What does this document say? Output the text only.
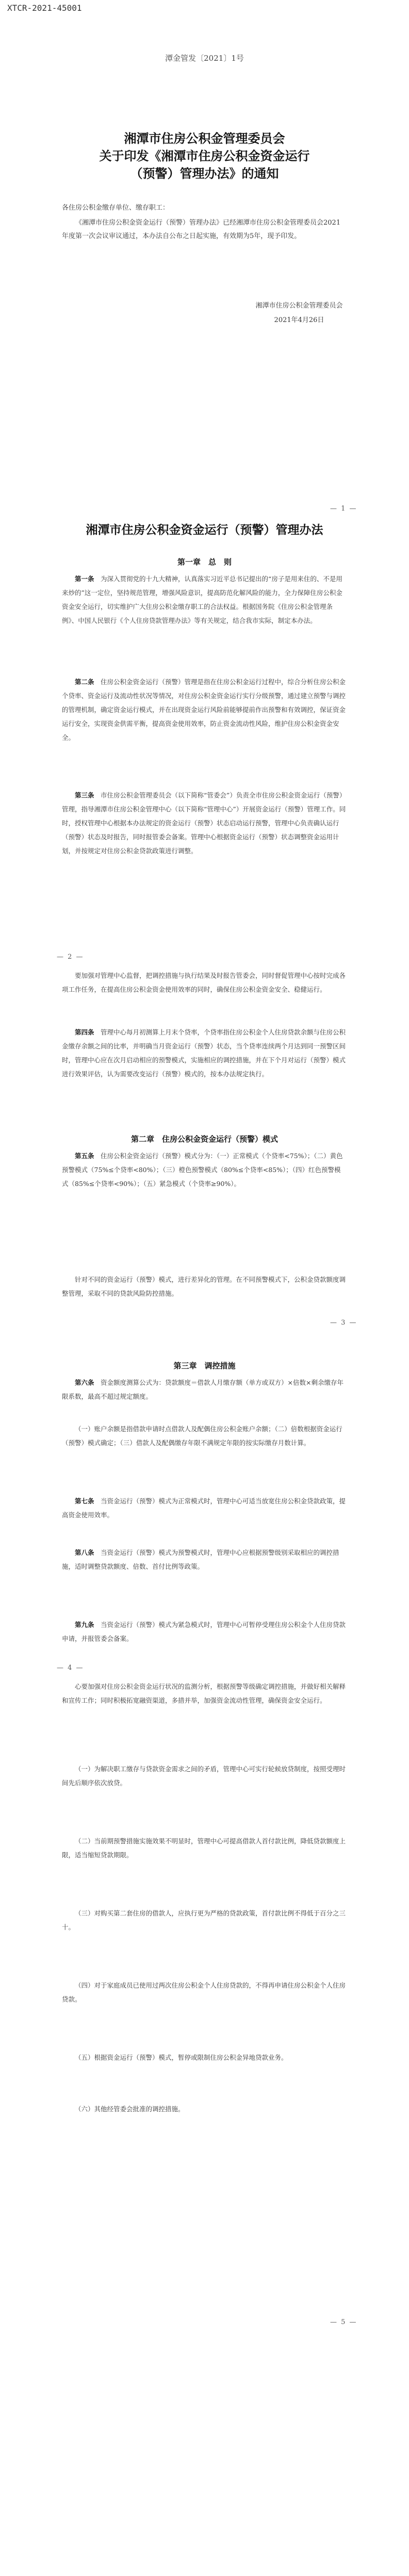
XTCR-2021-45001
潭金管发〔2021〕1号
湘潭市住房公积金管理委员会
关于印发《湘潭市住房公积金资金运行
（预警）管理办法》的通知
各住房公积金缴存单位、缴存职工：
《湘潭市住房公积金资金运行（预警）管理办法》已经湘潭市住房公积金管理委员会2021年度第一次会议审议通过，本办法自公布之日起实施，有效期为5年，现予印发。
湘潭市住房公积金管理委员会
2021年4月26日
— 1 —
湘潭市住房公积金资金运行（预警）管理办法
第一章　总　则
第一条　 为深入贯彻党的十九大精神，认真落实习近平总书记提出的“房子是用来住的、不是用来炒的”这一定位，坚持规范管理，增强风险意识，提高防范化解风险的能力，全力保障住房公积金资金安全运行，切实维护广大住房公积金缴存职工的合法权益。根据国务院《住房公积金管理条例》、中国人民银行《个人住房贷款管理办法》等有关规定，结合我市实际，制定本办法。
第二条　 住房公积金资金运行（预警）管理是指在住房公积金运行过程中，综合分析住房公积金个贷率、资金运行及流动性状况等情况，对住房公积金资金运行实行分级预警，通过建立预警与调控的管理机制，确定资金运行模式，并在出现资金运行风险前能够提前作出预警和有效调控，保证资金运行安全，实现资金供需平衡，提高资金使用效率，防止资金流动性风险，维护住房公积金资金安全。
第三条　 市住房公积金管理委员会（以下简称“管委会”）负责全市住房公积金资金运行（预警）管理，指导湘潭市住房公积金管理中心（以下简称“管理中心”）开展资金运行（预警）管理工作。同时，授权管理中心根据本办法规定的资金运行（预警）状态启动运行预警，管理中心负责确认运行（预警）状态及时报告，同时报管委会备案。管理中心根据资金运行（预警）状态调整资金运用计划，并按规定对住房公积金贷款政策进行调整。
— 2 —
要加强对管理中心监督，把调控措施与执行结果及时报告管委会，同时督促管理中心按时完成各项工作任务，在提高住房公积金资金使用效率的同时，确保住房公积金资金安全、稳健运行。
第四条　 管理中心每月初测算上月末个贷率，个贷率指住房公积金个人住房贷款余额与住房公积金缴存余额之间的比率，并明确当月资金运行（预警）状态，当个贷率连续两个月达到同一预警区间时，管理中心应在次月启动相应的预警模式，实施相应的调控措施，并在下个月对运行（预警）模式进行效果评估，认为需要改变运行（预警）模式的，按本办法规定执行。
第二章　住房公积金资金运行（预警）模式
第五条　 住房公积金资金运行（预警）模式分为：（一）正常模式（个贷率<75%）；（二）黄色预警模式（75%≤个贷率<80%）；（三）橙色预警模式（80%≤个贷率<85%）；（四）红色预警模式（85%≤个贷率<90%）；（五）紧急模式（个贷率≥90%）。
针对不同的资金运行（预警）模式，进行差异化的管理。在不同预警模式下，公积金贷款额度调整管理，采取不同的贷款风险防控措施。
— 3 —
第三章　调控措施
第六条　 资金额度测算公式为：贷款额度＝借款人月缴存额（单方或双方）×倍数×剩余缴存年限系数，最高不超过规定额度。
（一）账户余额是指借款申请时点借款人及配偶住房公积金账户余额；（二）倍数根据资金运行（预警）模式确定；（三）借款人及配偶缴存年限不满规定年限的按实际缴存月数计算。
第七条　 当资金运行（预警）模式为正常模式时，管理中心可适当放宽住房公积金贷款政策，提高资金使用效率。
第八条　 当资金运行（预警）模式为预警模式时，管理中心应根据预警级别采取相应的调控措施，适时调整贷款额度、倍数、首付比例等政策。
第九条　 当资金运行（预警）模式为紧急模式时，管理中心可暂停受理住房公积金个人住房贷款申请，并报管委会备案。
— 4 —
心要加强对住房公积金资金运行状况的监测分析，根据预警等级确定调控措施，并做好相关解释和宣传工作；同时积极拓宽融资渠道，多措并举，加强资金流动性管理，确保资金安全运行。
（一）为解决职工缴存与贷款资金需求之间的矛盾，管理中心可实行轮候放贷制度，按照受理时间先后顺序依次放贷。
（二）当前期预警措施实施效果不明显时，管理中心可提高借款人首付款比例，降低贷款额度上限，适当缩短贷款期限。
（三）对购买第二套住房的借款人，应执行更为严格的贷款政策，首付款比例不得低于百分之三十。
（四）对于家庭成员已使用过两次住房公积金个人住房贷款的，不得再申请住房公积金个人住房贷款。
（五）根据资金运行（预警）模式，暂停或限制住房公积金异地贷款业务。
（六）其他经管委会批准的调控措施。
— 5 —
